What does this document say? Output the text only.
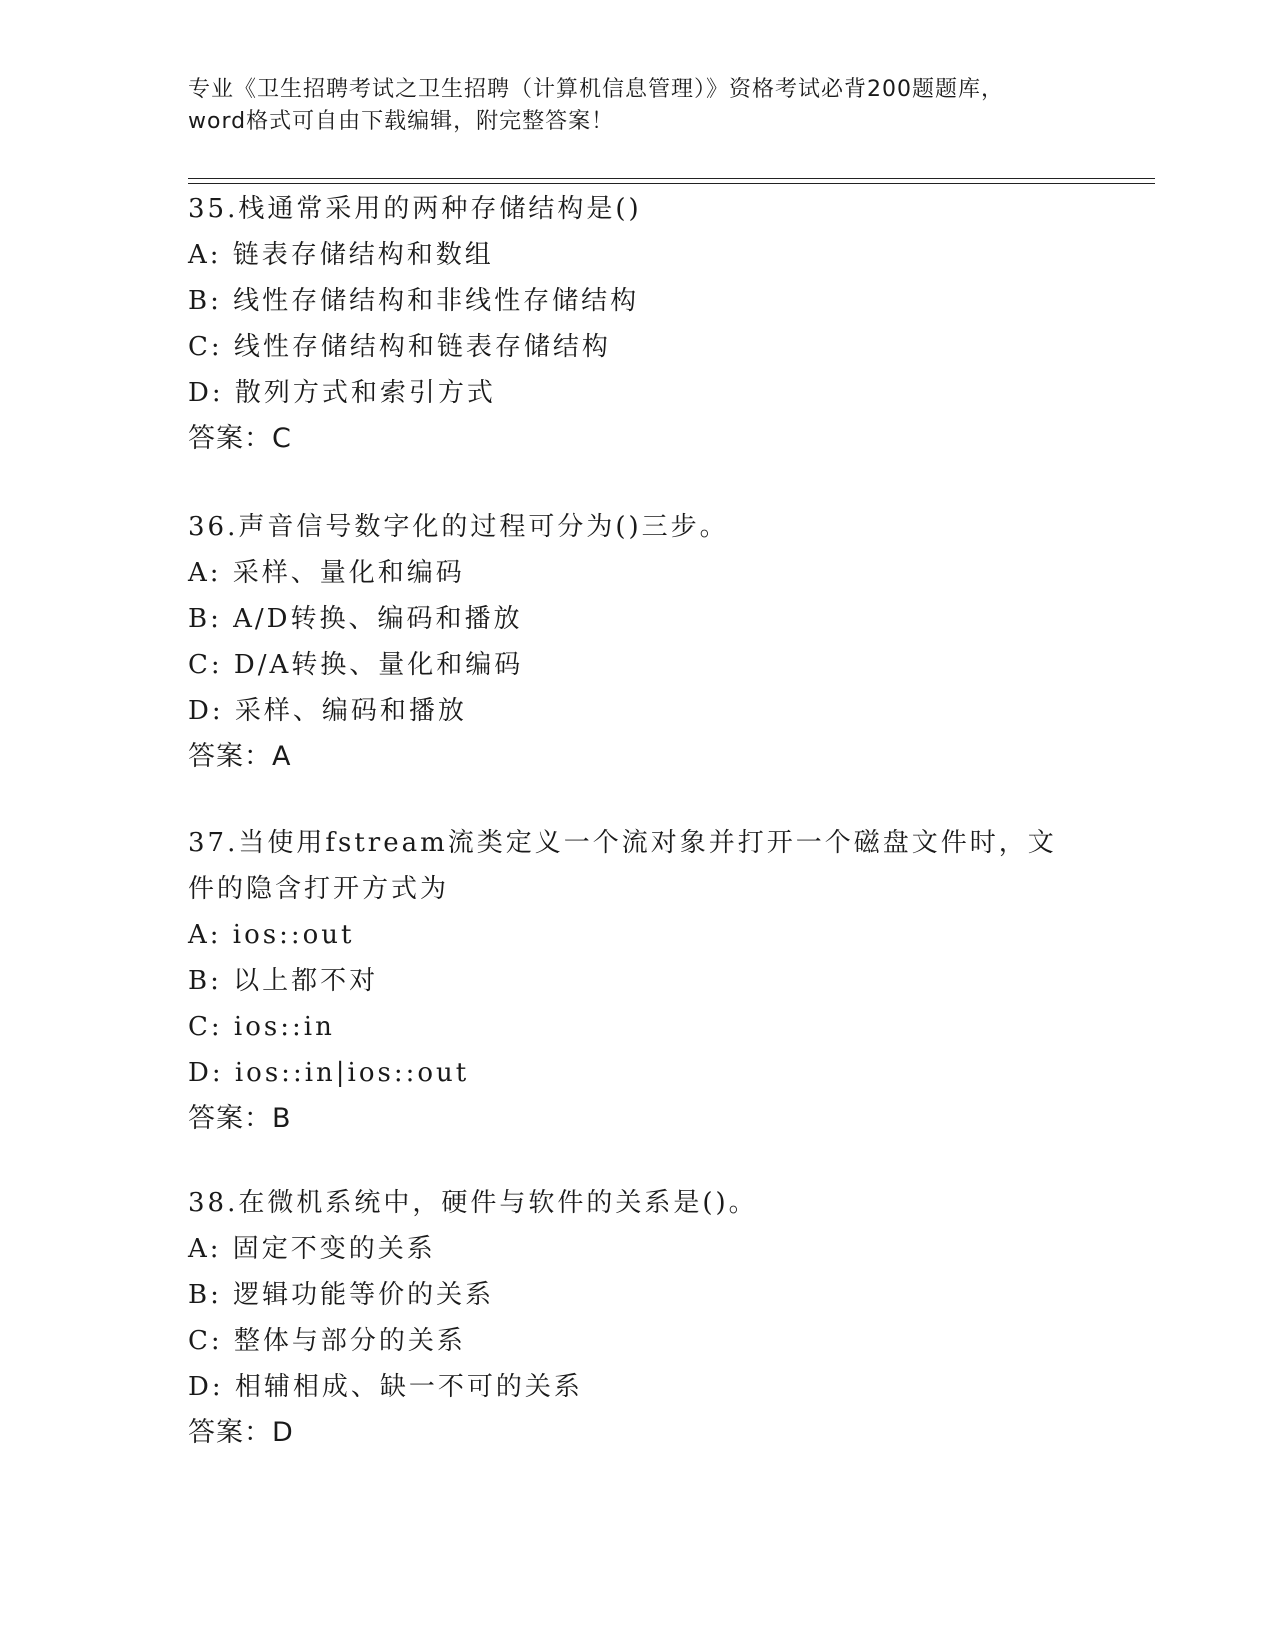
专业《卫生招聘考试之卫生招聘（计算机信息管理）》资格考试必背200题题库，
word格式可自由下载编辑，附完整答案！
35.栈通常采用的两种存储结构是()
A: 链表存储结构和数组
B: 线性存储结构和非线性存储结构
C: 线性存储结构和链表存储结构
D: 散列方式和索引方式
答案：C
36.声音信号数字化的过程可分为()三步。
A: 采样、量化和编码
B: A/D转换、编码和播放
C: D/A转换、量化和编码
D: 采样、编码和播放
答案：A
37.当使用fstream流类定义一个流对象并打开一个磁盘文件时，文件的隐含打开方式为
A: ios::out
B: 以上都不对
C: ios::in
D: ios::in|ios::out
答案：B
38.在微机系统中，硬件与软件的关系是()。
A: 固定不变的关系
B: 逻辑功能等价的关系
C: 整体与部分的关系
D: 相辅相成、缺一不可的关系
答案：D
